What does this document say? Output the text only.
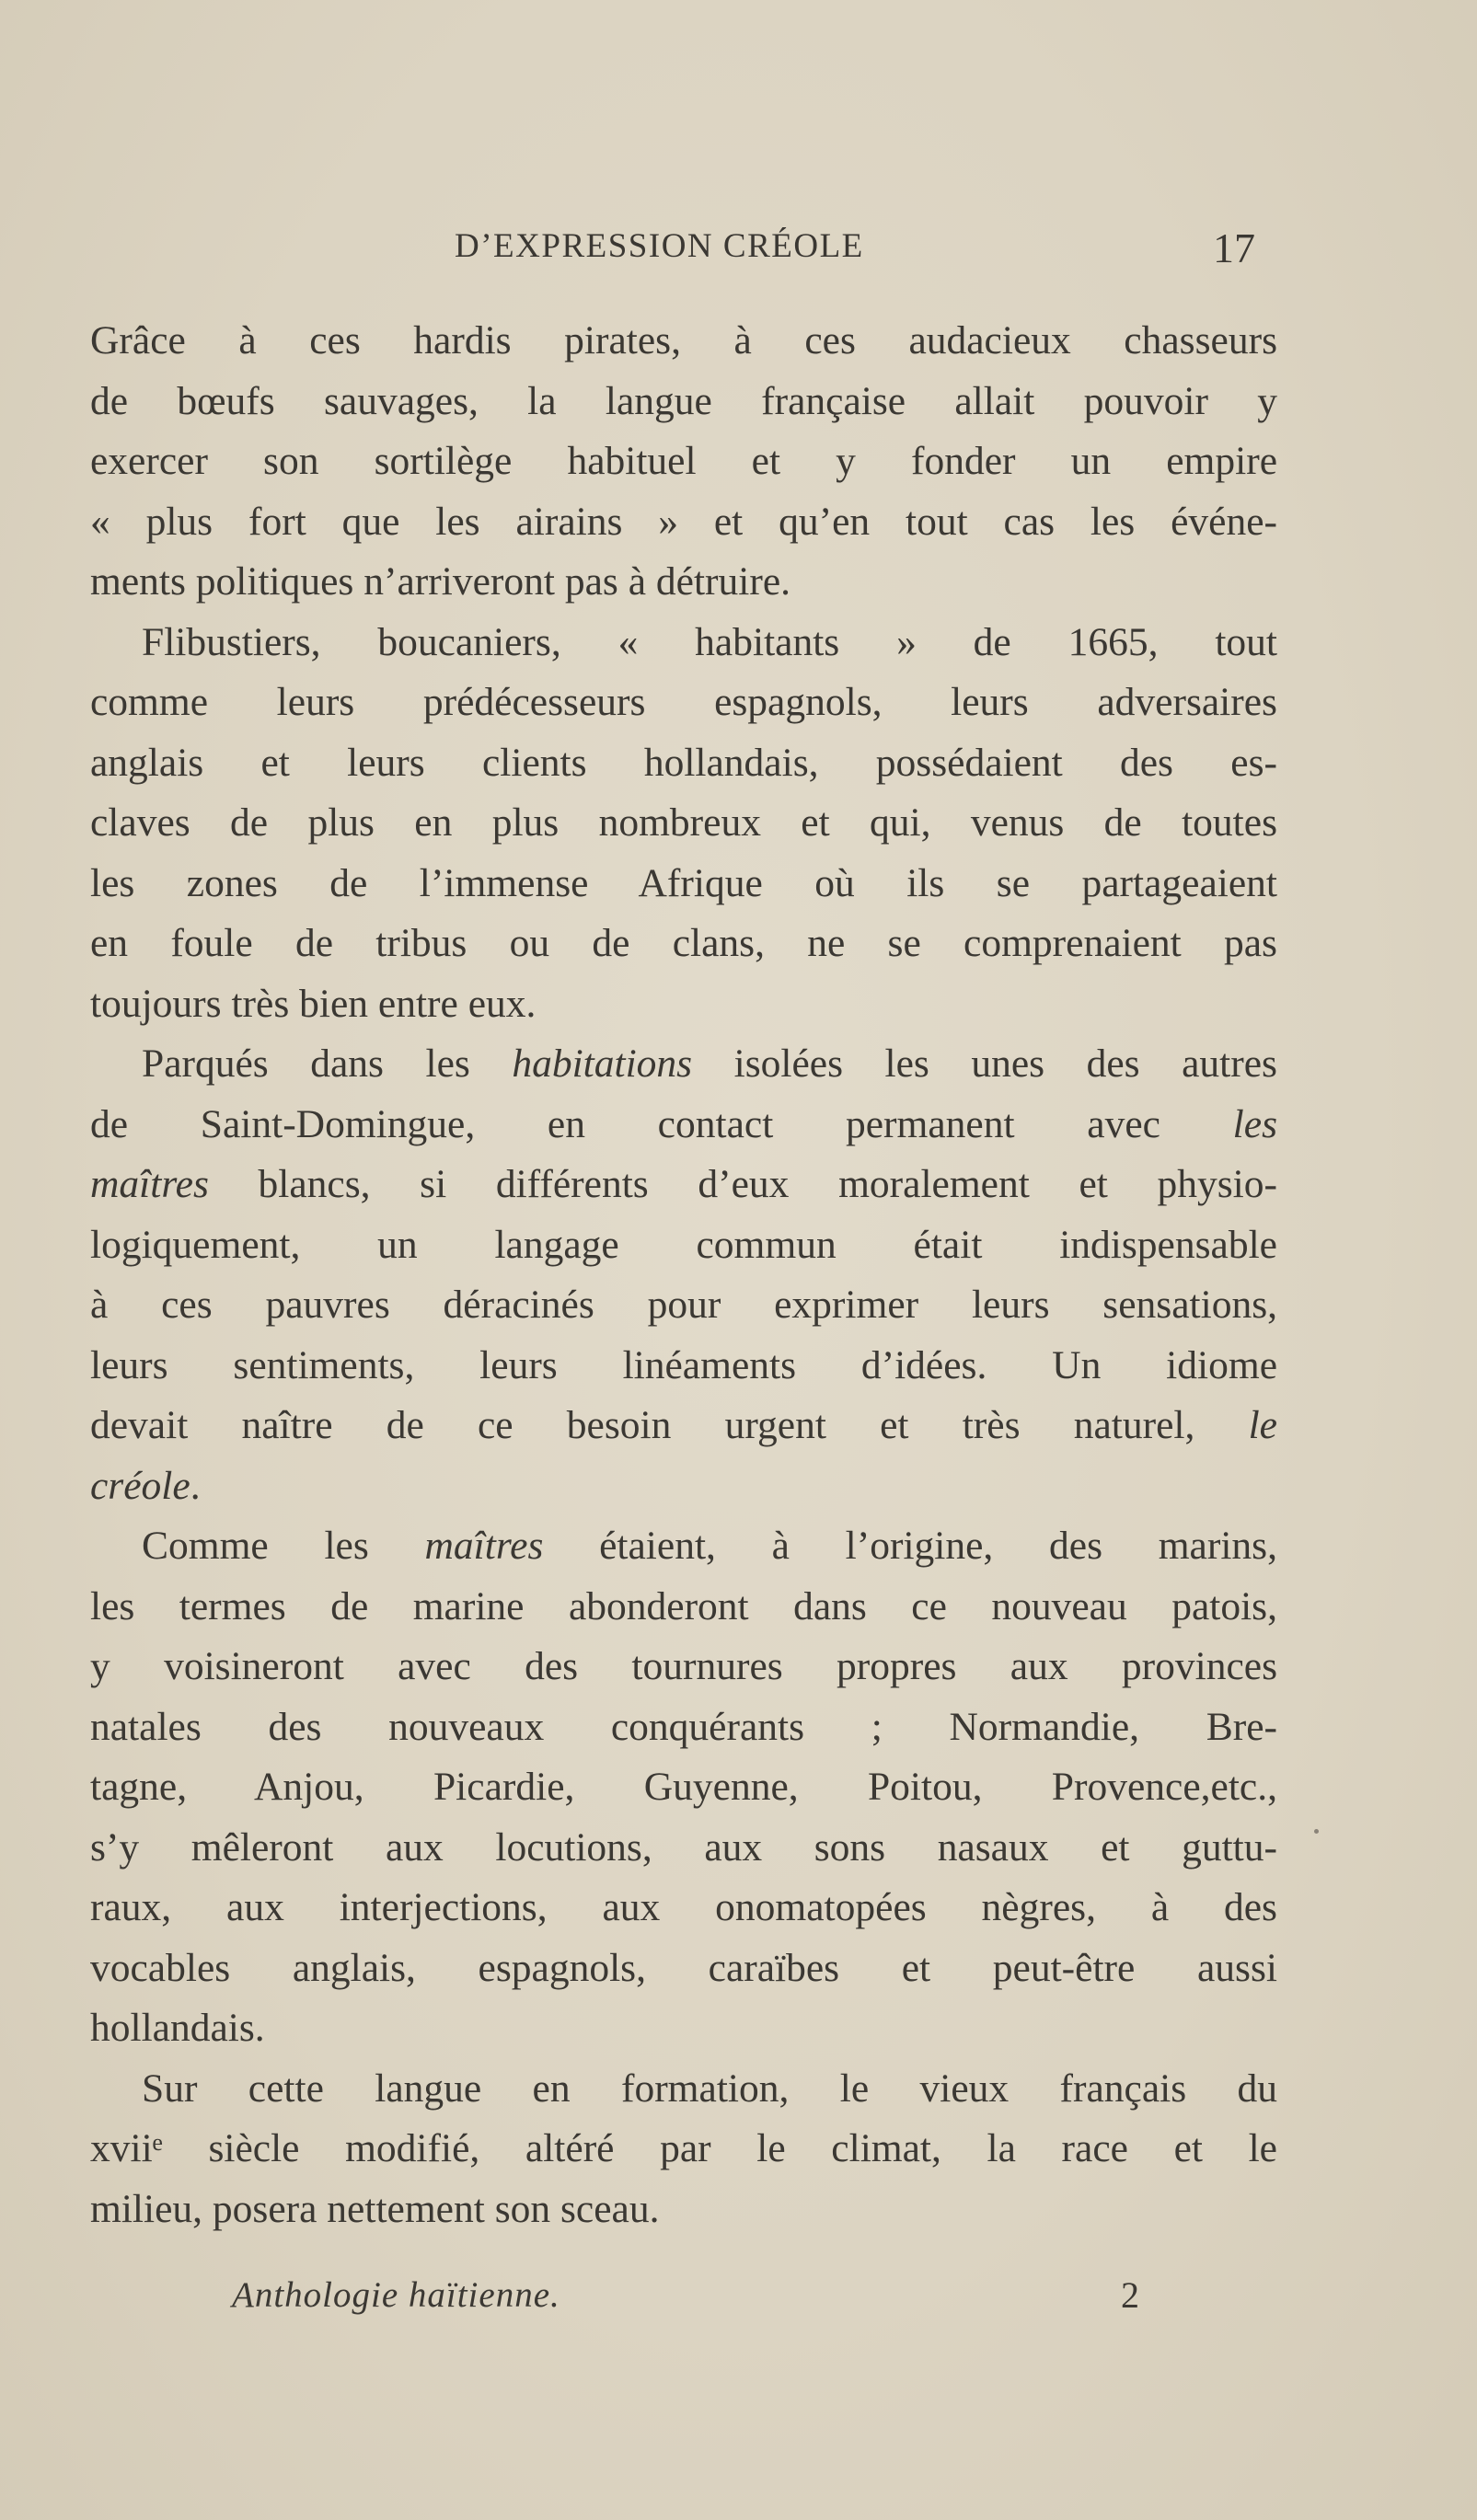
D’EXPRESSION CRÉOLE	17
Grâce à ces hardis pirates, à ces audacieux chasseurs
de bœufs sauvages, la langue française allait pouvoir y
exercer son sortilège habituel et y fonder un empire
« plus fort que les airains » et qu’en tout cas les événe-
ments politiques n’arriveront pas à détruire.
Flibustiers, boucaniers, « habitants » de 1665, tout
comme leurs prédécesseurs espagnols, leurs adversaires
anglais et leurs clients hollandais, possédaient des es-
claves de plus en plus nombreux et qui, venus de toutes
les zones de l’immense Afrique où ils se partageaient
en foule de tribus ou de clans, ne se comprenaient pas
toujours très bien entre eux.
Parqués dans les habitations isolées les unes des autres
de Saint-Domingue, en contact permanent avec les
maîtres blancs, si différents d’eux moralement et physio-
logiquement, un langage commun était indispensable
à ces pauvres déracinés pour exprimer leurs sensations,
leurs sentiments, leurs linéaments d’idées. Un idiome
devait naître de ce besoin urgent et très naturel, le
créole.
Comme les maîtres étaient, à l’origine, des marins,
les termes de marine abonderont dans ce nouveau patois,
y voisineront avec des tournures propres aux provinces
natales des nouveaux conquérants ; Normandie, Bre-
tagne, Anjou, Picardie, Guyenne, Poitou, Provence,etc.,
s’y mêleront aux locutions, aux sons nasaux et guttu-
raux, aux interjections, aux onomatopées nègres, à des
vocables anglais, espagnols, caraïbes et peut-être aussi
hollandais.
Sur cette langue en formation, le vieux français du
xviiᵉ siècle modifié, altéré par le climat, la race et le
milieu, posera nettement son sceau.
Anthologie haïtienne.	2
